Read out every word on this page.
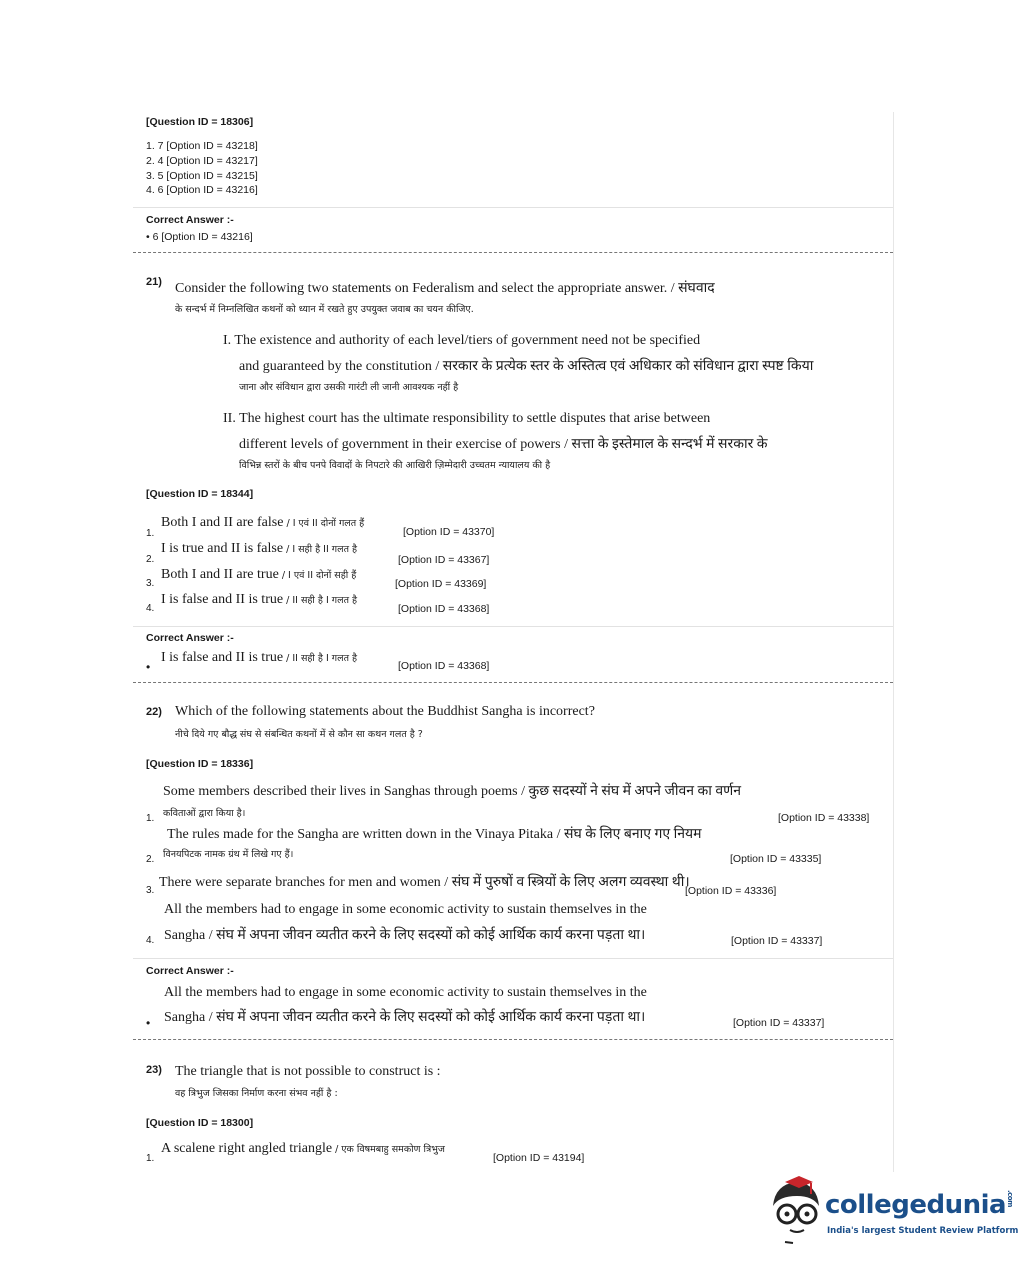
[Question ID = 18306]
1. 7 [Option ID = 43218]
2. 4 [Option ID = 43217]
3. 5 [Option ID = 43215]
4. 6 [Option ID = 43216]
Correct Answer :-
• 6 [Option ID = 43216]
21) Consider the following two statements on Federalism and select the appropriate answer. / संघवाद
के सन्दर्भ में निम्नलिखित कथनों को ध्यान में रखते हुए उपयुक्त जवाब का चयन कीजिए.
I. The existence and authority of each level/tiers of government need not be specified
and guaranteed by the constitution / सरकार के प्रत्येक स्तर के अस्तित्व एवं अधिकार को संविधान द्वारा स्पष्ट किया
जाना और संविधान द्वारा उसकी गारंटी ली जानी आवश्यक नहीं है
II. The highest court has the ultimate responsibility to settle disputes that arise between
different levels of government in their exercise of powers / सत्ता के इस्तेमाल के सन्दर्भ में सरकार के
विभिन्न स्तरों के बीच पनपे विवादों के निपटारे की आखिरी ज़िम्मेदारी उच्चतम न्यायालय की है
[Question ID = 18344]
1.
Both I and II are false / I एवं II दोनों गलत हैं
[Option ID = 43370]
2.
I is true and II is false / I सही है II गलत है
[Option ID = 43367]
3.
Both I and II are true / I एवं II दोनों सही हैं
[Option ID = 43369]
4.
I is false and II is true / II सही है I गलत है
[Option ID = 43368]
Correct Answer :-
•
I is false and II is true / II सही है I गलत है
[Option ID = 43368]
22) Which of the following statements about the Buddhist Sangha is incorrect?
नीचे दिये गए बौद्ध संघ से संबन्धित कथनों में से कौन सा कथन गलत है ?
[Question ID = 18336]
Some members described their lives in Sanghas through poems / कुछ सदस्यों ने संघ में अपने जीवन का वर्णन
कविताओं द्वारा किया है।
1.	[Option ID = 43338]
The rules made for the Sangha are written down in the Vinaya Pitaka / संघ के लिए बनाए गए नियम
विनयपिटक नामक ग्रंथ में लिखे गए हैं।
2.	[Option ID = 43335]
There were separate branches for men and women / संघ में पुरुषों व स्त्रियों के लिए अलग व्यवस्था थी।
3.	[Option ID = 43336]
All the members had to engage in some economic activity to sustain themselves in the
Sangha / संघ में अपना जीवन व्यतीत करने के लिए सदस्यों को कोई आर्थिक कार्य करना पड़ता था।
4.	[Option ID = 43337]
Correct Answer :-
All the members had to engage in some economic activity to sustain themselves in the
Sangha / संघ में अपना जीवन व्यतीत करने के लिए सदस्यों को कोई आर्थिक कार्य करना पड़ता था।
•	[Option ID = 43337]
23) The triangle that is not possible to construct is :
वह त्रिभुज जिसका निर्माण करना संभव नहीं है :
[Question ID = 18300]
A scalene right angled triangle / एक विषमबाहु समकोण त्रिभुज
1.	[Option ID = 43194]
collegedunia.com
India's largest Student Review Platform
